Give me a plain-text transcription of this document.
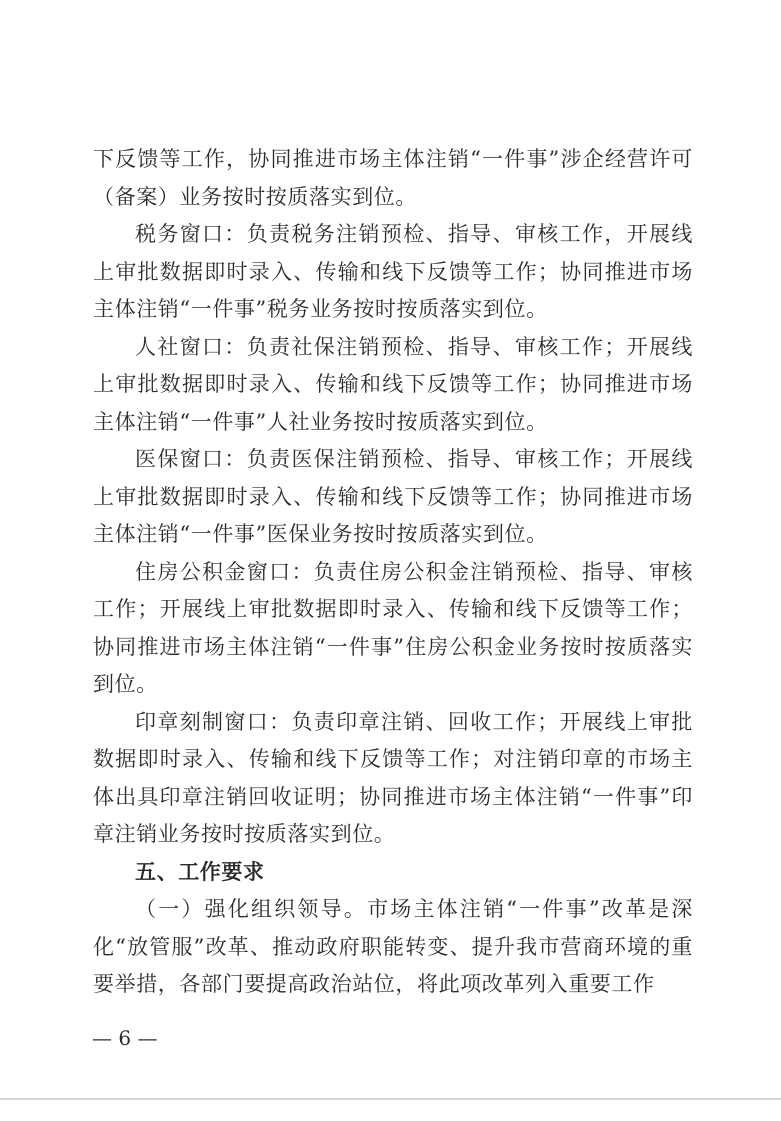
下反馈等工作，协同推进市场主体注销“一件事”涉企经营许可（备案）业务按时按质落实到位。

税务窗口：负责税务注销预检、指导、审核工作，开展线上审批数据即时录入、传输和线下反馈等工作；协同推进市场主体注销“一件事”税务业务按时按质落实到位。

人社窗口：负责社保注销预检、指导、审核工作；开展线上审批数据即时录入、传输和线下反馈等工作；协同推进市场主体注销“一件事”人社业务按时按质落实到位。

医保窗口：负责医保注销预检、指导、审核工作；开展线上审批数据即时录入、传输和线下反馈等工作；协同推进市场主体注销“一件事”医保业务按时按质落实到位。

住房公积金窗口：负责住房公积金注销预检、指导、审核工作；开展线上审批数据即时录入、传输和线下反馈等工作；协同推进市场主体注销“一件事”住房公积金业务按时按质落实到位。

印章刻制窗口：负责印章注销、回收工作；开展线上审批数据即时录入、传输和线下反馈等工作；对注销印章的市场主体出具印章注销回收证明；协同推进市场主体注销“一件事”印章注销业务按时按质落实到位。

五、工作要求

（一）强化组织领导。市场主体注销“一件事”改革是深化“放管服”改革、推动政府职能转变、提升我市营商环境的重要举措，各部门要提高政治站位，将此项改革列入重要工作

— 6 —
